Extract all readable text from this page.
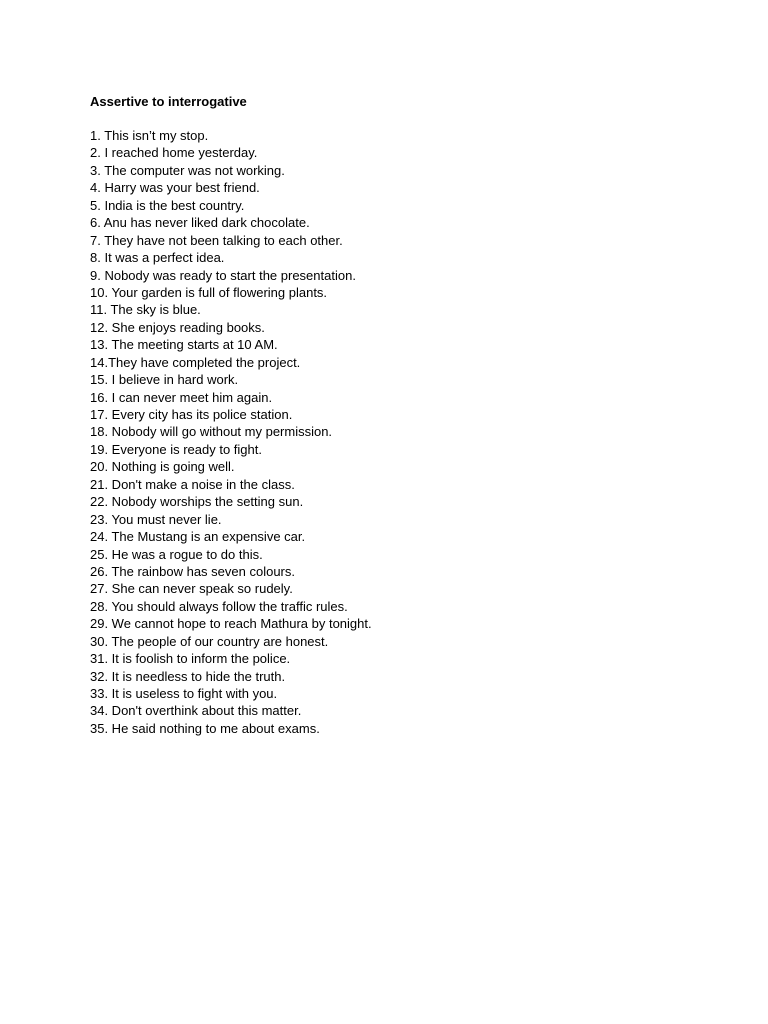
Assertive to interrogative
1. This isn’t my stop.
2. I reached home yesterday.
3. The computer was not working.
4. Harry was your best friend.
5. India is the best country.
6. Anu has never liked dark chocolate.
7. They have not been talking to each other.
8. It was a perfect idea.
9. Nobody was ready to start the presentation.
10. Your garden is full of flowering plants.
11. The sky is blue.
12. She enjoys reading books.
13. The meeting starts at 10 AM.
14.They have completed the project.
15. I believe in hard work.
16. I can never meet him again.
17. Every city has its police station.
18. Nobody will go without my permission.
19. Everyone is ready to fight.
20. Nothing is going well.
21. Don't make a noise in the class.
22. Nobody worships the setting sun.
23. You must never lie.
24. The Mustang is an expensive car.
25. He was a rogue to do this.
26. The rainbow has seven colours.
27. She can never speak so rudely.
28. You should always follow the traffic rules.
29. We cannot hope to reach Mathura by tonight.
30. The people of our country are honest.
31. It is foolish to inform the police.
32. It is needless to hide the truth.
33. It is useless to fight with you.
34. Don't overthink about this matter.
35. He said nothing to me about exams.
